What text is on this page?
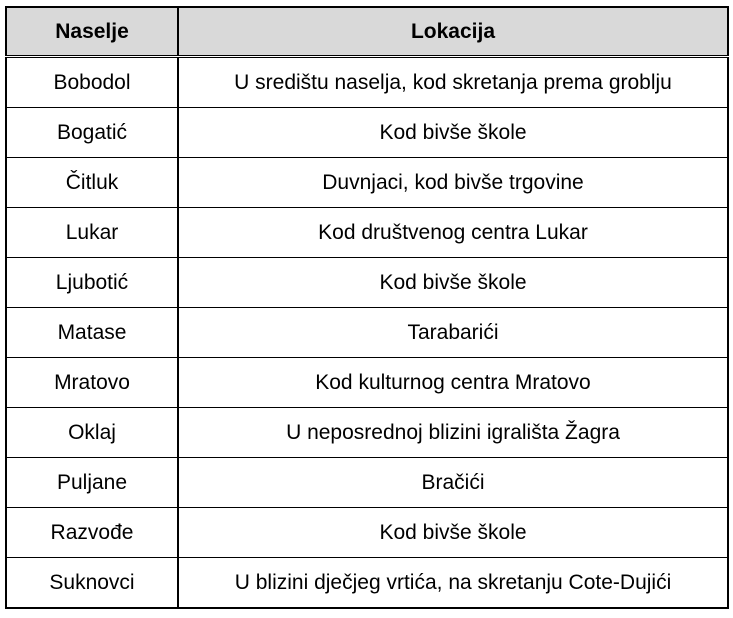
Naselje	Lokacija
Bobodol	U središtu naselja, kod skretanja prema groblju
Bogatić	Kod bivše škole
Čitluk	Duvnjaci, kod bivše trgovine
Lukar	Kod društvenog centra Lukar
Ljubotić	Kod bivše škole
Matase	Tarabarići
Mratovo	Kod kulturnog centra Mratovo
Oklaj	U neposrednoj blizini igrališta Žagra
Puljane	Bračići
Razvođe	Kod bivše škole
Suknovci	U blizini dječjeg vrtića, na skretanju Cote-Dujići
